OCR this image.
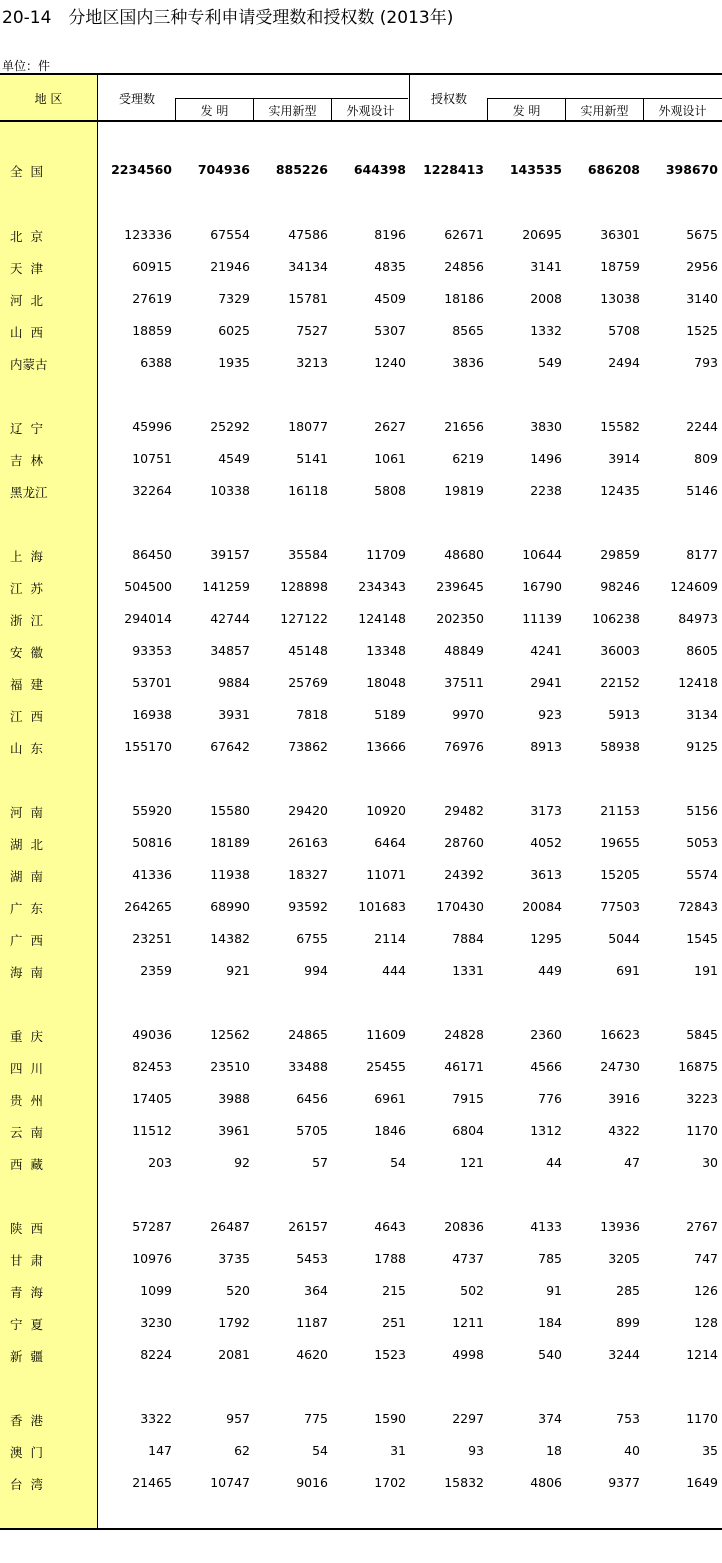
20-14　分地区国内三种专利申请受理数和授权数 (2013年)
单位：件
地 区	受理数	授权数
发 明	实用新型	外观设计	发 明	实用新型	外观设计
全  国	2234560	704936	885226	644398	1228413	143535	686208	398670
北  京	123336	67554	47586	8196	62671	20695	36301	5675
天  津	60915	21946	34134	4835	24856	3141	18759	2956
河  北	27619	7329	15781	4509	18186	2008	13038	3140
山  西	18859	6025	7527	5307	8565	1332	5708	1525
内蒙古	6388	1935	3213	1240	3836	549	2494	793
辽  宁	45996	25292	18077	2627	21656	3830	15582	2244
吉  林	10751	4549	5141	1061	6219	1496	3914	809
黑龙江	32264	10338	16118	5808	19819	2238	12435	5146
上  海	86450	39157	35584	11709	48680	10644	29859	8177
江  苏	504500	141259	128898	234343	239645	16790	98246	124609
浙  江	294014	42744	127122	124148	202350	11139	106238	84973
安  徽	93353	34857	45148	13348	48849	4241	36003	8605
福  建	53701	9884	25769	18048	37511	2941	22152	12418
江  西	16938	3931	7818	5189	9970	923	5913	3134
山  东	155170	67642	73862	13666	76976	8913	58938	9125
河  南	55920	15580	29420	10920	29482	3173	21153	5156
湖  北	50816	18189	26163	6464	28760	4052	19655	5053
湖  南	41336	11938	18327	11071	24392	3613	15205	5574
广  东	264265	68990	93592	101683	170430	20084	77503	72843
广  西	23251	14382	6755	2114	7884	1295	5044	1545
海  南	2359	921	994	444	1331	449	691	191
重  庆	49036	12562	24865	11609	24828	2360	16623	5845
四  川	82453	23510	33488	25455	46171	4566	24730	16875
贵  州	17405	3988	6456	6961	7915	776	3916	3223
云  南	11512	3961	5705	1846	6804	1312	4322	1170
西  藏	203	92	57	54	121	44	47	30
陕  西	57287	26487	26157	4643	20836	4133	13936	2767
甘  肃	10976	3735	5453	1788	4737	785	3205	747
青  海	1099	520	364	215	502	91	285	126
宁  夏	3230	1792	1187	251	1211	184	899	128
新  疆	8224	2081	4620	1523	4998	540	3244	1214
香  港	3322	957	775	1590	2297	374	753	1170
澳  门	147	62	54	31	93	18	40	35
台  湾	21465	10747	9016	1702	15832	4806	9377	1649
